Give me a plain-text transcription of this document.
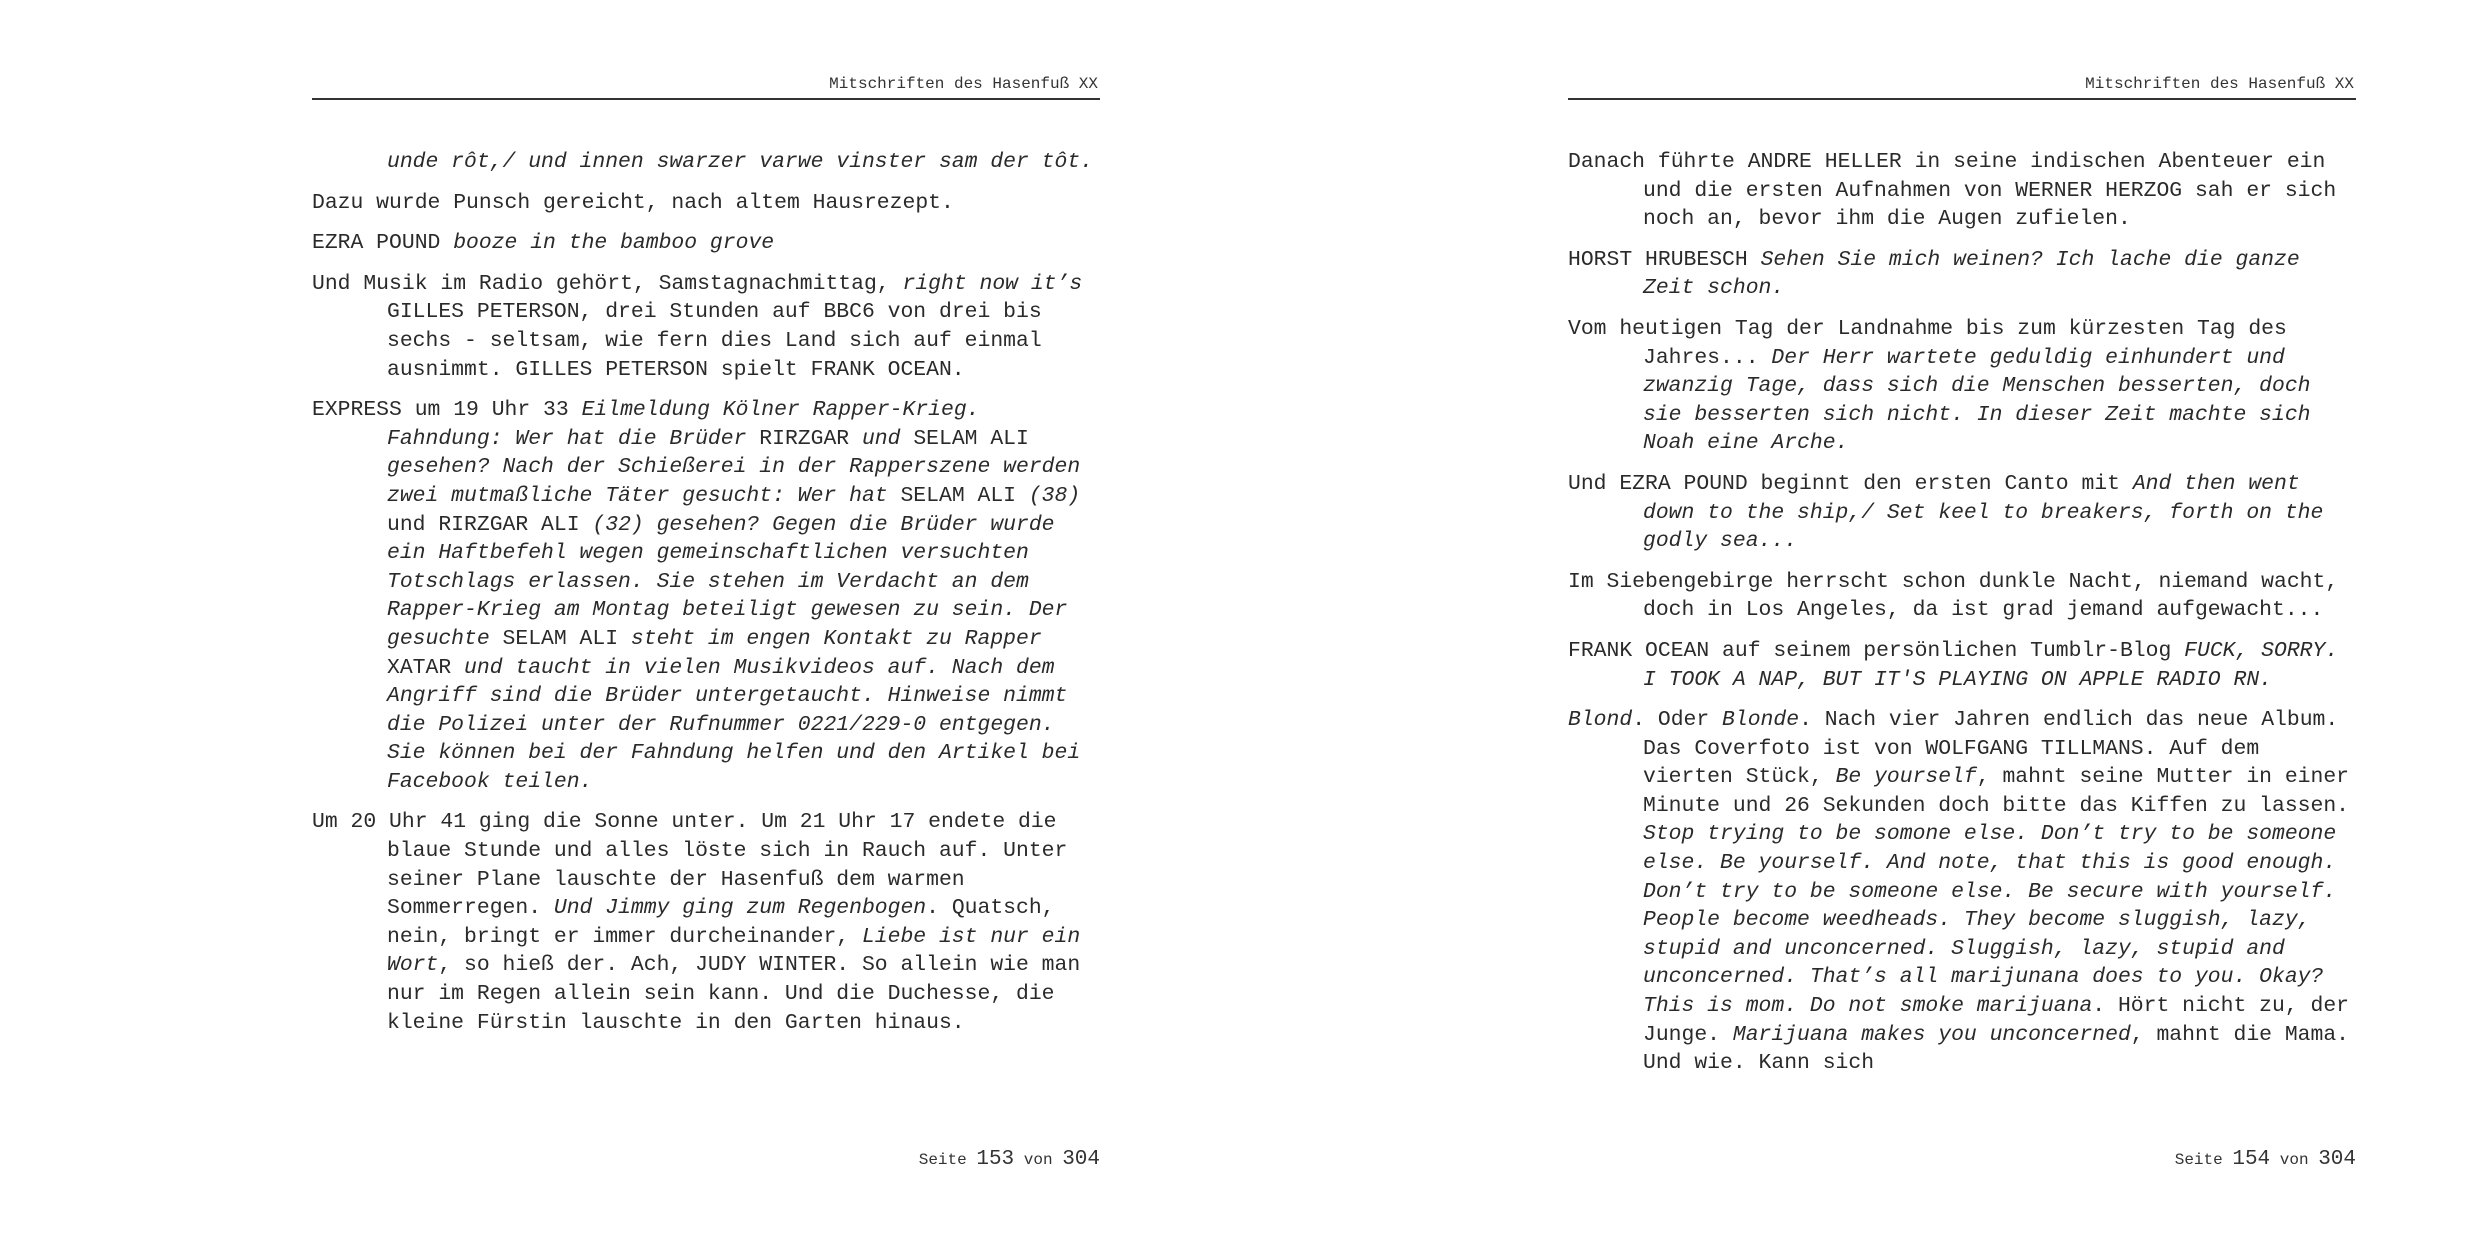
Mitschriften des Hasenfuß XX

unde rôt,/ und innen swarzer varwe vinster sam der tôt.

Dazu wurde Punsch gereicht, nach altem Hausrezept.

EZRA POUND booze in the bamboo grove

Und Musik im Radio gehört, Samstagnachmittag, right now it’s GILLES PETERSON, drei Stunden auf BBC6 von drei bis sechs - seltsam, wie fern dies Land sich auf einmal ausnimmt. GILLES PETERSON spielt FRANK OCEAN.

EXPRESS um 19 Uhr 33 Eilmeldung Kölner Rapper-Krieg. Fahndung: Wer hat die Brüder RIRZGAR und SELAM ALI gesehen? Nach der Schießerei in der Rapperszene werden zwei mutmaßliche Täter gesucht: Wer hat SELAM ALI (38) und RIRZGAR ALI (32) gesehen? Gegen die Brüder wurde ein Haftbefehl wegen gemeinschaftlichen versuchten Totschlags erlassen. Sie stehen im Verdacht an dem Rapper-Krieg am Montag beteiligt gewesen zu sein. Der gesuchte SELAM ALI steht im engen Kontakt zu Rapper XATAR und taucht in vielen Musikvideos auf. Nach dem Angriff sind die Brüder untergetaucht. Hinweise nimmt die Polizei unter der Rufnummer 0221/229-0 entgegen. Sie können bei der Fahndung helfen und den Artikel bei Facebook teilen.

Um 20 Uhr 41 ging die Sonne unter. Um 21 Uhr 17 endete die blaue Stunde und alles löste sich in Rauch auf. Unter seiner Plane lauschte der Hasenfuß dem warmen Sommerregen. Und Jimmy ging zum Regenbogen. Quatsch, nein, bringt er immer durcheinander, Liebe ist nur ein Wort, so hieß der. Ach, JUDY WINTER. So allein wie man nur im Regen allein sein kann. Und die Duchesse, die kleine Fürstin lauschte in den Garten hinaus.

Seite 153 von 304
Mitschriften des Hasenfuß XX

Danach führte ANDRE HELLER in seine indischen Abenteuer ein und die ersten Aufnahmen von WERNER HERZOG sah er sich noch an, bevor ihm die Augen zufielen.

HORST HRUBESCH Sehen Sie mich weinen? Ich lache die ganze Zeit schon.

Vom heutigen Tag der Landnahme bis zum kürzesten Tag des Jahres... Der Herr wartete geduldig einhundert und zwanzig Tage, dass sich die Menschen besserten, doch sie besserten sich nicht. In dieser Zeit machte sich Noah eine Arche.

Und EZRA POUND beginnt den ersten Canto mit And then went down to the ship,/ Set keel to breakers, forth on the godly sea...

Im Siebengebirge herrscht schon dunkle Nacht, niemand wacht, doch in Los Angeles, da ist grad jemand aufgewacht...

FRANK OCEAN auf seinem persönlichen Tumblr-Blog FUCK, SORRY. I TOOK A NAP, BUT IT'S PLAYING ON APPLE RADIO RN.

Blond. Oder Blonde. Nach vier Jahren endlich das neue Album. Das Coverfoto ist von WOLFGANG TILLMANS. Auf dem vierten Stück, Be yourself, mahnt seine Mutter in einer Minute und 26 Sekunden doch bitte das Kiffen zu lassen. Stop trying to be somone else. Don’t try to be someone else. Be yourself. And note, that this is good enough. Don’t try to be someone else. Be secure with yourself. People become weedheads. They become sluggish, lazy, stupid and unconcerned. Sluggish, lazy, stupid and unconcerned. That’s all marijunana does to you. Okay? This is mom. Do not smoke marijuana. Hört nicht zu, der Junge. Marijuana makes you unconcerned, mahnt die Mama. Und wie. Kann sich

Seite 154 von 304
